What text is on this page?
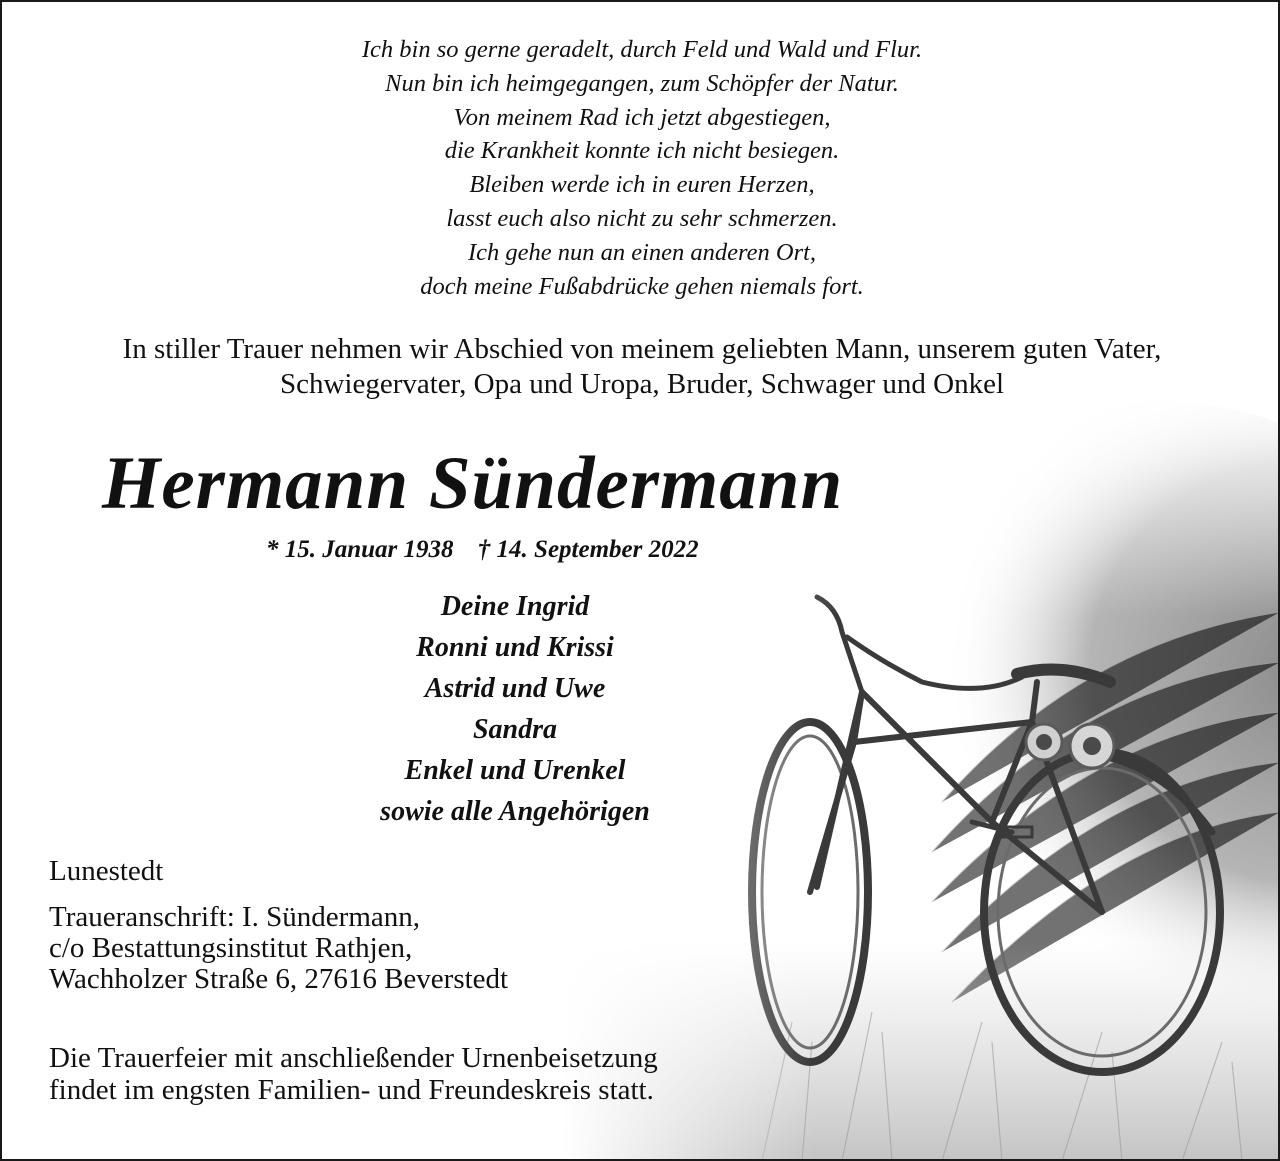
Ich bin so gerne geradelt, durch Feld und Wald und Flur.
Nun bin ich heimgegangen, zum Schöpfer der Natur.
Von meinem Rad ich jetzt abgestiegen,
die Krankheit konnte ich nicht besiegen.
Bleiben werde ich in euren Herzen,
lasst euch also nicht zu sehr schmerzen.
Ich gehe nun an einen anderen Ort,
doch meine Fußabdrücke gehen niemals fort.
In stiller Trauer nehmen wir Abschied von meinem geliebten Mann, unserem guten Vater,
Schwiegervater, Opa und Uropa, Bruder, Schwager und Onkel
Hermann Sündermann
* 15. Januar 1938 † 14. September 2022
Deine Ingrid
Ronni und Krissi
Astrid und Uwe
Sandra
Enkel und Urenkel
sowie alle Angehörigen
Lunestedt
Traueranschrift: I. Sündermann,
c/o Bestattungsinstitut Rathjen,
Wachholzer Straße 6, 27616 Beverstedt
Die Trauerfeier mit anschließender Urnenbeisetzung
findet im engsten Familien- und Freundeskreis statt.
